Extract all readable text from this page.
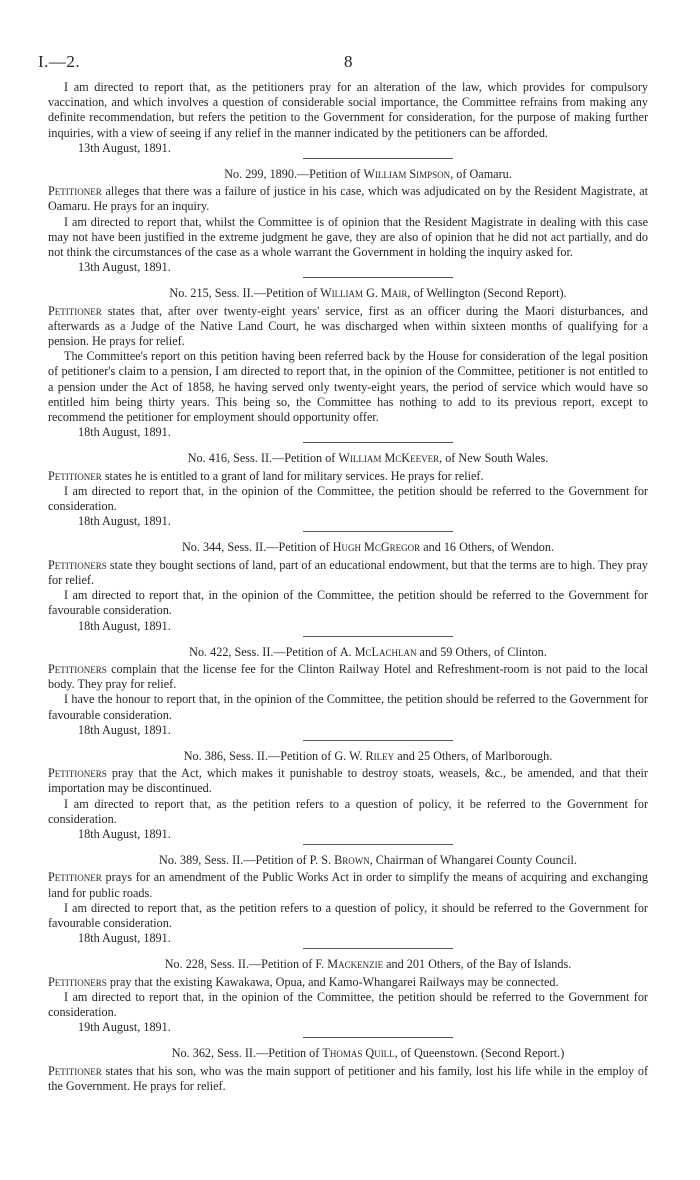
I.—2.	8

I am directed to report that, as the petitioners pray for an alteration of the law, which provides for compulsory vaccination, and which involves a question of considerable social importance, the Committee refrains from making any definite recommendation, but refers the petition to the Government for consideration, for the purpose of making further inquiries, with a view of seeing if any relief in the manner indicated by the petitioners can be afforded.

13th August, 1891.

No. 299, 1890.—Petition of William Simpson, of Oamaru.

Petitioner alleges that there was a failure of justice in his case, which was adjudicated on by the Resident Magistrate, at Oamaru. He prays for an inquiry.

I am directed to report that, whilst the Committee is of opinion that the Resident Magistrate in dealing with this case may not have been justified in the extreme judgment he gave, they are also of opinion that he did not act partially, and do not think the circumstances of the case as a whole warrant the Government in holding the inquiry asked for.

13th August, 1891.

No. 215, Sess. II.—Petition of William G. Mair, of Wellington (Second Report).

Petitioner states that, after over twenty-eight years' service, first as an officer during the Maori disturbances, and afterwards as a Judge of the Native Land Court, he was discharged when within sixteen months of qualifying for a pension. He prays for relief.

The Committee's report on this petition having been referred back by the House for consideration of the legal position of petitioner's claim to a pension, I am directed to report that, in the opinion of the Committee, petitioner is not entitled to a pension under the Act of 1858, he having served only twenty-eight years, the period of service which would have so entitled him being thirty years. This being so, the Committee has nothing to add to its previous report, except to recommend the petitioner for employment should opportunity offer.

18th August, 1891.

No. 416, Sess. II.—Petition of William McKeever, of New South Wales.

Petitioner states he is entitled to a grant of land for military services. He prays for relief.

I am directed to report that, in the opinion of the Committee, the petition should be referred to the Government for consideration.

18th August, 1891.

No. 344, Sess. II.—Petition of Hugh McGregor and 16 Others, of Wendon.

Petitioners state they bought sections of land, part of an educational endowment, but that the terms are to high. They pray for relief.

I am directed to report that, in the opinion of the Committee, the petition should be referred to the Government for favourable consideration.

18th August, 1891.

No. 422, Sess. II.—Petition of A. McLachlan and 59 Others, of Clinton.

Petitioners complain that the license fee for the Clinton Railway Hotel and Refreshment-room is not paid to the local body. They pray for relief.

I have the honour to report that, in the opinion of the Committee, the petition should be referred to the Government for favourable consideration.

18th August, 1891.

No. 386, Sess. II.—Petition of G. W. Riley and 25 Others, of Marlborough.

Petitioners pray that the Act, which makes it punishable to destroy stoats, weasels, &c., be amended, and that their importation may be discontinued.

I am directed to report that, as the petition refers to a question of policy, it be referred to the Government for consideration.

18th August, 1891.

No. 389, Sess. II.—Petition of P. S. Brown, Chairman of Whangarei County Council.

Petitioner prays for an amendment of the Public Works Act in order to simplify the means of acquiring and exchanging land for public roads.

I am directed to report that, as the petition refers to a question of policy, it should be referred to the Government for favourable consideration.

18th August, 1891.

No. 228, Sess. II.—Petition of F. Mackenzie and 201 Others, of the Bay of Islands.

Petitioners pray that the existing Kawakawa, Opua, and Kamo-Whangarei Railways may be connected.

I am directed to report that, in the opinion of the Committee, the petition should be referred to the Government for consideration.

19th August, 1891.

No. 362, Sess. II.—Petition of Thomas Quill, of Queenstown. (Second Report.)

Petitioner states that his son, who was the main support of petitioner and his family, lost his life while in the employ of the Government. He prays for relief.
